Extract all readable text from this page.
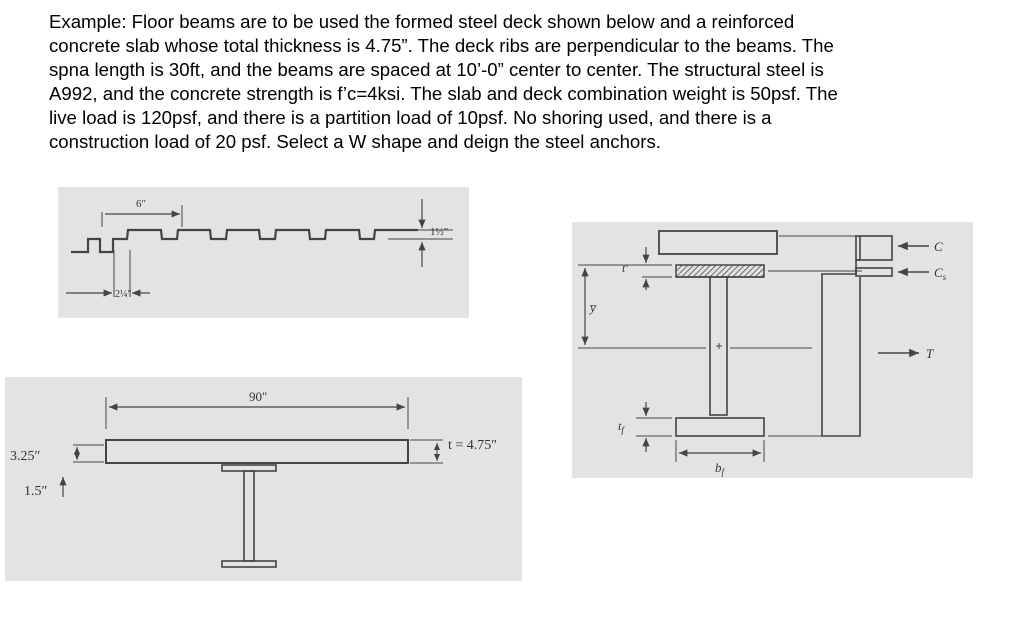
Example: Floor beams are to be used the formed steel deck shown below and a reinforced
concrete slab whose total thickness is 4.75”. The deck ribs are perpendicular to the beams. The
spna length is 30ft, and the beams are spaced at 10’-0” center to center. The structural steel is
A992, and the concrete strength is f’c=4ksi. The slab and deck combination weight is 50psf. The
live load is 120psf, and there is a partition load of 10psf. No shoring used, and there is a
construction load of 20 psf. Select a W shape and deign the steel anchors.

6″
1½″
2¼″
90″
t = 4.75″
3.25″
1.5″
y̅
t′
$t_f$
$b_f$
C
$C_s$
T
